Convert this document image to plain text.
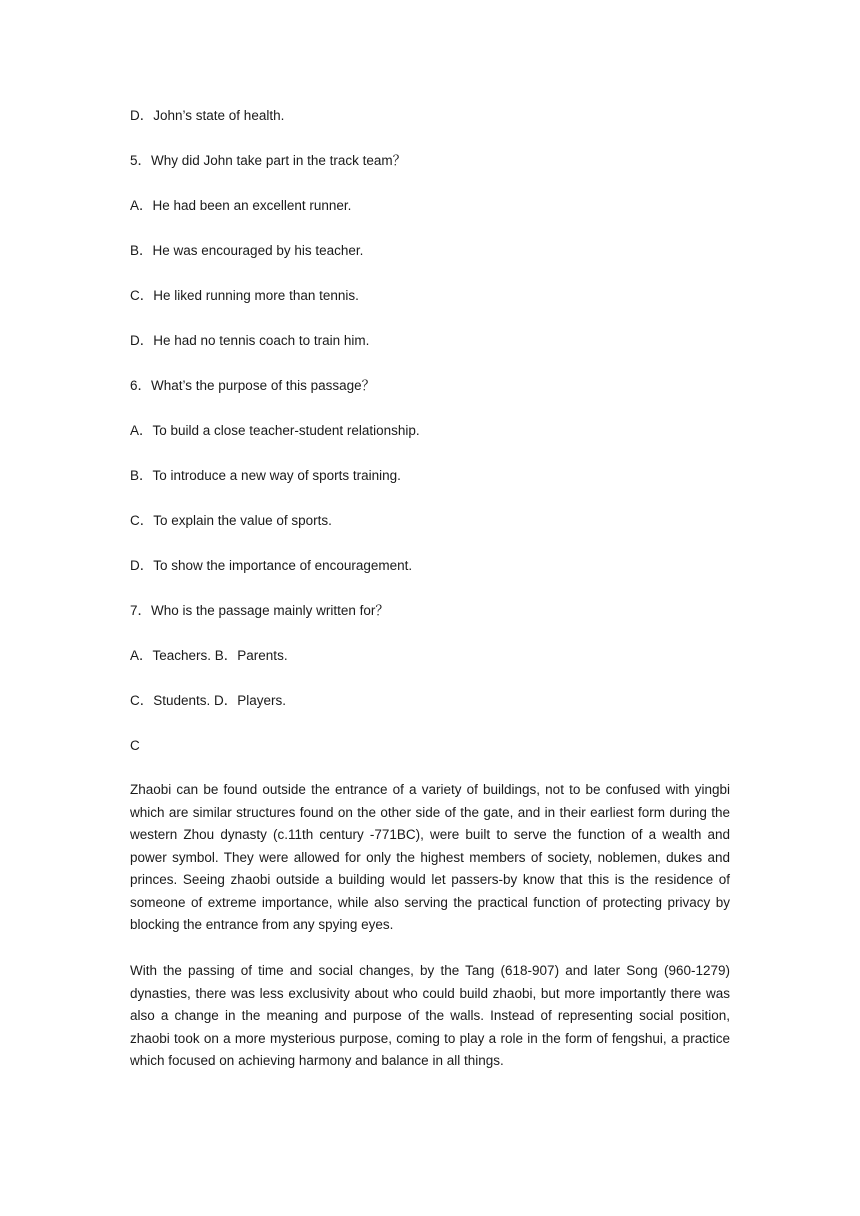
D．John’s state of health.
5．Why did John take part in the track team？
A．He had been an excellent runner.
B．He was encouraged by his teacher.
C．He liked running more than tennis.
D．He had no tennis coach to train him.
6．What’s the purpose of this passage？
A．To build a close teacher-student relationship.
B．To introduce a new way of sports training.
C．To explain the value of sports.
D．To show the importance of encouragement.
7．Who is the passage mainly written for？
A．Teachers. B．Parents.
C．Students. D．Players.
C
Zhaobi can be found outside the entrance of a variety of buildings, not to be confused with yingbi which are similar structures found on the other side of the gate, and in their earliest form during the western Zhou dynasty (c.11th century -771BC), were built to serve the function of a wealth and power symbol. They were allowed for only the highest members of society, noblemen, dukes and princes. Seeing zhaobi outside a building would let passers-by know that this is the residence of someone of extreme importance, while also serving the practical function of protecting privacy by blocking the entrance from any spying eyes.
With the passing of time and social changes, by the Tang (618-907) and later Song (960-1279) dynasties, there was less exclusivity about who could build zhaobi, but more importantly there was also a change in the meaning and purpose of the walls. Instead of representing social position, zhaobi took on a more mysterious purpose, coming to play a role in the form of fengshui, a practice which focused on achieving harmony and balance in all things.
